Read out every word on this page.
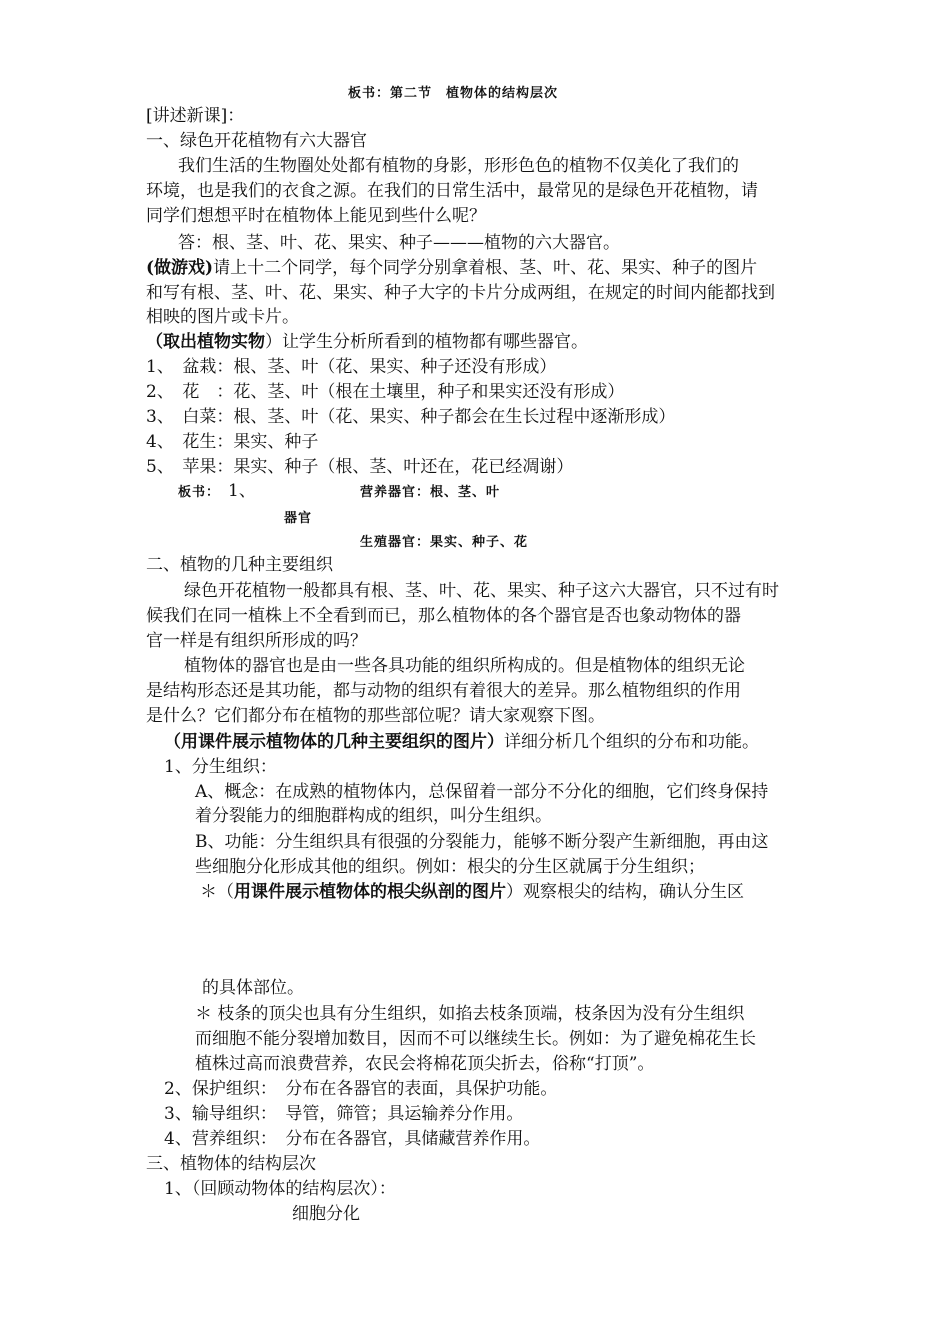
板书：第二节　植物体的结构层次
[讲述新课]：
一、绿色开花植物有六大器官
我们生活的生物圈处处都有植物的身影，形形色色的植物不仅美化了我们的
环境，也是我们的衣食之源。在我们的日常生活中，最常见的是绿色开花植物，请
同学们想想平时在植物体上能见到些什么呢？
答：根、茎、叶、花、果实、种子———植物的六大器官。
(做游戏)请上十二个同学，每个同学分别拿着根、茎、叶、花、果实、种子的图片
和写有根、茎、叶、花、果实、种子大字的卡片分成两组，在规定的时间内能都找到
相映的图片或卡片。
（取出植物实物）让学生分析所看到的植物都有哪些器官。
1、　盆栽：根、茎、叶（花、果实、种子还没有形成）
2、　花　：花、茎、叶（根在土壤里，种子和果实还没有形成）
3、　白菜：根、茎、叶（花、果实、种子都会在生长过程中逐渐形成）
4、　花生：果实、种子
5、　苹果：果实、种子（根、茎、叶还在，花已经凋谢）
板书： 1、	营养器官：根、茎、叶
器官
生殖器官：果实、种子、花
二、植物的几种主要组织
绿色开花植物一般都具有根、茎、叶、花、果实、种子这六大器官，只不过有时
候我们在同一植株上不全看到而已，那么植物体的各个器官是否也象动物体的器
官一样是有组织所形成的吗？
植物体的器官也是由一些各具功能的组织所构成的。但是植物体的组织无论
是结构形态还是其功能，都与动物的组织有着很大的差异。那么植物组织的作用
是什么？它们都分布在植物的那些部位呢？请大家观察下图。
（用课件展示植物体的几种主要组织的图片）详细分析几个组织的分布和功能。
1、分生组织：
A、概念：在成熟的植物体内，总保留着一部分不分化的细胞，它们终身保持
着分裂能力的细胞群构成的组织，叫分生组织。
B、功能：分生组织具有很强的分裂能力，能够不断分裂产生新细胞，再由这
些细胞分化形成其他的组织。例如：根尖的分生区就属于分生组织；
＊（用课件展示植物体的根尖纵剖的图片）观察根尖的结构，确认分生区
的具体部位。
＊ 枝条的顶尖也具有分生组织，如掐去枝条顶端，枝条因为没有分生组织
而细胞不能分裂增加数目，因而不可以继续生长。例如：为了避免棉花生长
植株过高而浪费营养，农民会将棉花顶尖折去，俗称“打顶”。
2、保护组织：　分布在各器官的表面，具保护功能。
3、输导组织：　导管，筛管；具运输养分作用。
4、营养组织：　分布在各器官，具储藏营养作用。
三、植物体的结构层次
1、（回顾动物体的结构层次）：
细胞分化
